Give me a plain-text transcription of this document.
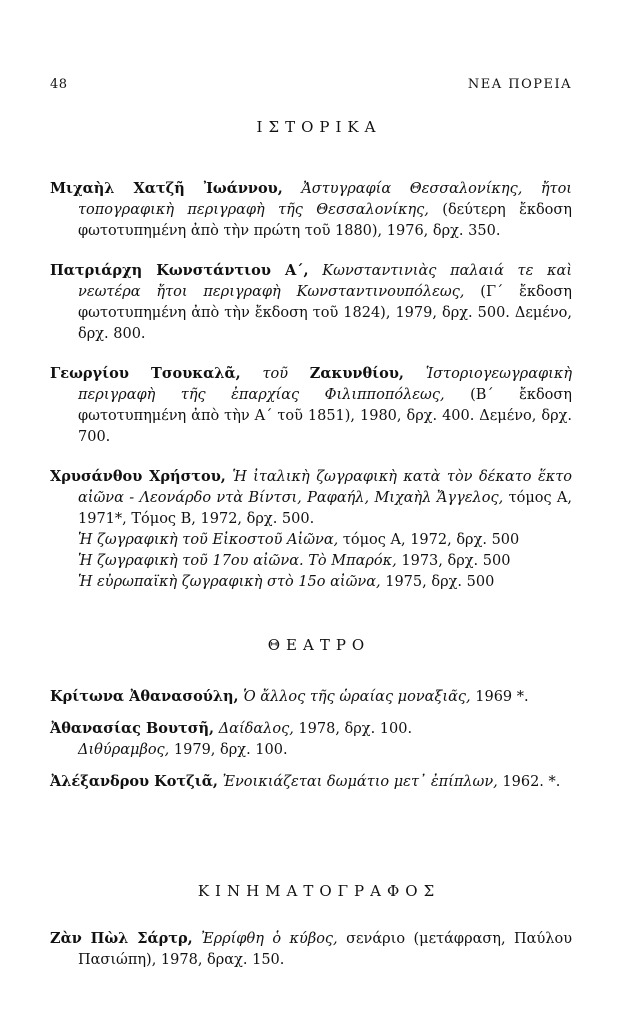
48	ΝΕΑ ΠΟΡΕΙΑ
ΙΣΤΟΡΙΚΑ

Μιχαὴλ Χατζῆ Ἰωάννου, Ἀστυγραφία Θεσσαλονίκης, ἤτοι τοπογραφικὴ περιγραφὴ τῆς Θεσσαλονίκης, (δεύτερη ἔκδοση φωτοτυπημένη ἀπὸ τὴν πρώτη τοῦ 1880), 1976, δρχ. 350.

Πατριάρχη Κωνστάντιου Α΄, Κωνσταντινιὰς παλαιά τε καὶ νεωτέρα ἤτοι περιγραφὴ Κωνσταντινουπόλεως, (Γ΄ ἔκδοση φωτοτυπημένη ἀπὸ τὴν ἔκδοση τοῦ 1824), 1979, δρχ. 500. Δεμένο, δρχ. 800.

Γεωργίου Τσουκαλᾶ, τοῦ Ζακυνθίου, Ἱστοριογεωγραφικὴ περιγραφὴ τῆς ἐπαρχίας Φιλιπποπόλεως, (Β΄ ἔκδοση φωτοτυπημένη ἀπὸ τὴν Α΄ τοῦ 1851), 1980, δρχ. 400. Δεμένο, δρχ. 700.

Χρυσάνθου Χρήστου, Ἡ ἰταλικὴ ζωγραφικὴ κατὰ τὸν δέκατο ἕκτο αἰῶνα - Λεονάρδο ντὰ Βίντσι, Ραφαήλ, Μιχαὴλ Ἄγγελος, τόμος Α, 1971*, Τόμος Β, 1972, δρχ. 500.

Ἡ ζωγραφικὴ τοῦ Εἰκοστοῦ Αἰῶνα, τόμος Α, 1972, δρχ. 500

Ἡ ζωγραφικὴ τοῦ 17ου αἰῶνα. Τὸ Μπαρόκ, 1973, δρχ. 500

Ἡ εὐρωπαϊκὴ ζωγραφικὴ στὸ 15ο αἰῶνα, 1975, δρχ. 500

ΘΕΑΤΡΟ

Κρίτωνα Ἀθανασούλη, Ὁ ἄλλος τῆς ὡραίας μοναξιᾶς, 1969 *.

Ἀθανασίας Βουτσῆ, Δαίδαλος, 1978, δρχ. 100.

Διθύραμβος, 1979, δρχ. 100.

Ἀλέξανδρου Κοτζιᾶ, Ἐνοικιάζεται δωμάτιο μετ᾿ ἐπίπλων, 1962. *.

ΚΙΝΗΜΑΤΟΓΡΑΦΟΣ

Ζὰν Πὼλ Σάρτρ, Ἐρρίφθη ὁ κύβος, σενάριο (μετάφραση, Παύλου Πασιώπη), 1978, δραχ. 150.
